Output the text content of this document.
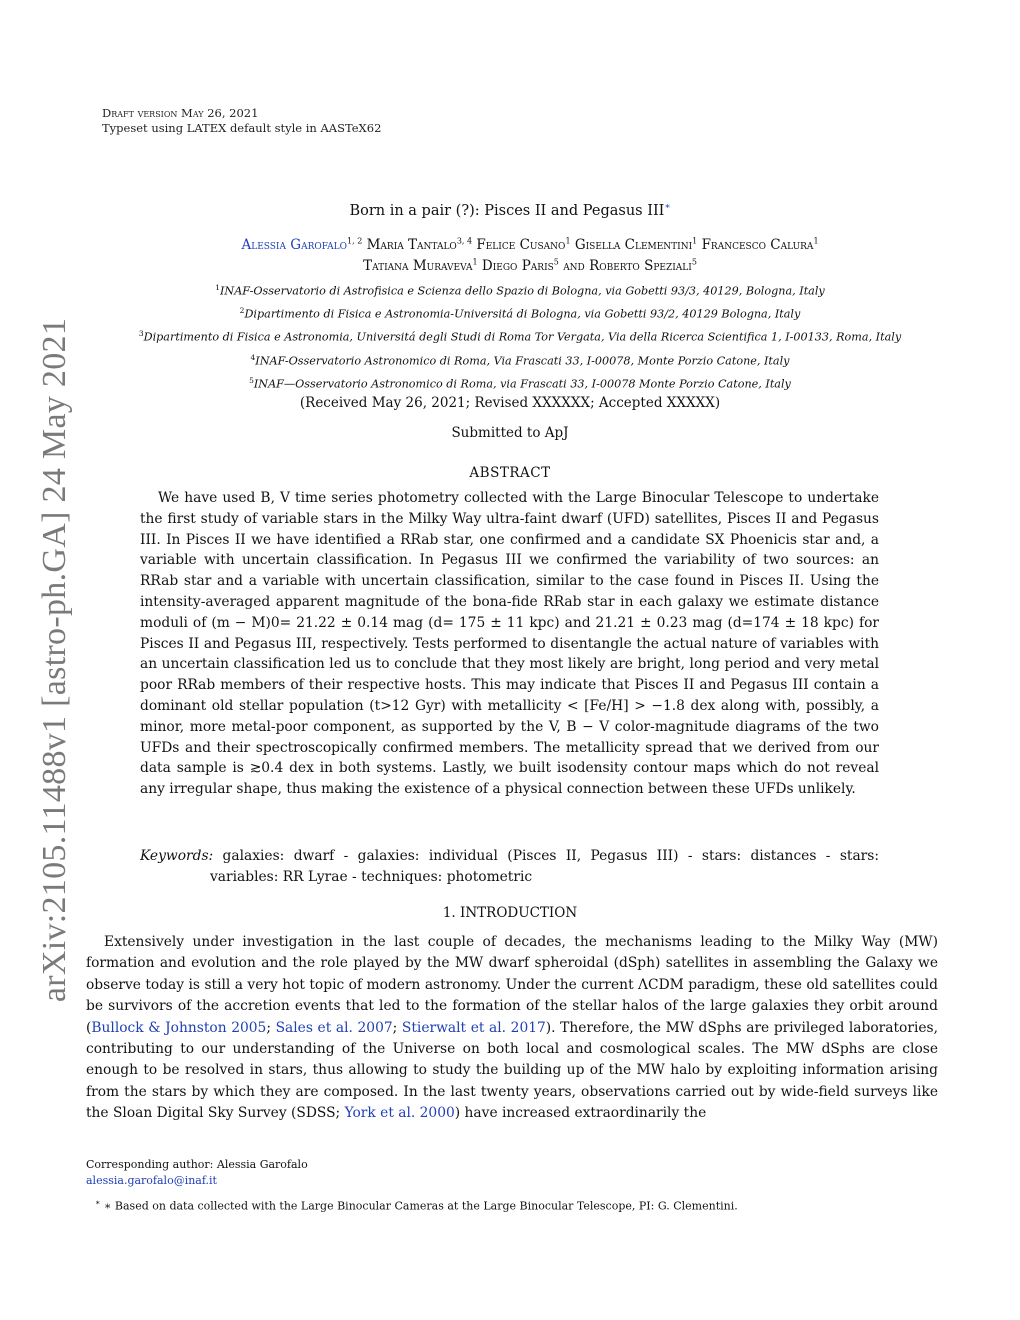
arXiv:2105.11488v1 [astro-ph.GA] 24 May 2021
Draft version May 26, 2021
Typeset using LATEX default style in AASTeX62
Born in a pair (?): Pisces II and Pegasus III∗
Alessia Garofalo$^{1, 2}$ Maria Tantalo$^{3, 4}$ Felice Cusano$^1$ Gisella Clementini$^1$ Francesco Calura$^1$
Tatiana Muraveva$^1$ Diego Paris$^5$ and Roberto Speziali$^5$
$^1$INAF-Osservatorio di Astrofisica e Scienza dello Spazio di Bologna, via Gobetti 93/3, 40129, Bologna, Italy
$^2$Dipartimento di Fisica e Astronomia-Universitá di Bologna, via Gobetti 93/2, 40129 Bologna, Italy
$^3$Dipartimento di Fisica e Astronomia, Universitá degli Studi di Roma Tor Vergata, Via della Ricerca Scientifica 1, I-00133, Roma, Italy
$^4$INAF-Osservatorio Astronomico di Roma, Via Frascati 33, I-00078, Monte Porzio Catone, Italy
$^5$INAF—Osservatorio Astronomico di Roma, via Frascati 33, I-00078 Monte Porzio Catone, Italy
(Received May 26, 2021; Revised XXXXXX; Accepted XXXXX)
Submitted to ApJ
ABSTRACT
We have used B, V time series photometry collected with the Large Binocular Telescope to undertake the first study of variable stars in the Milky Way ultra-faint dwarf (UFD) satellites, Pisces II and Pegasus III. In Pisces II we have identified a RRab star, one confirmed and a candidate SX Phoenicis star and, a variable with uncertain classification. In Pegasus III we confirmed the variability of two sources: an RRab star and a variable with uncertain classification, similar to the case found in Pisces II. Using the intensity-averaged apparent magnitude of the bona-fide RRab star in each galaxy we estimate distance moduli of (m − M)0= 21.22 ± 0.14 mag (d= 175 ± 11 kpc) and 21.21 ± 0.23 mag (d=174 ± 18 kpc) for Pisces II and Pegasus III, respectively. Tests performed to disentangle the actual nature of variables with an uncertain classification led us to conclude that they most likely are bright, long period and very metal poor RRab members of their respective hosts. This may indicate that Pisces II and Pegasus III contain a dominant old stellar population (t>12 Gyr) with metallicity < [Fe/H] > −1.8 dex along with, possibly, a minor, more metal-poor component, as supported by the V, B − V color-magnitude diagrams of the two UFDs and their spectroscopically confirmed members. The metallicity spread that we derived from our data sample is ≳0.4 dex in both systems. Lastly, we built isodensity contour maps which do not reveal any irregular shape, thus making the existence of a physical connection between these UFDs unlikely.
Keywords: galaxies: dwarf - galaxies: individual (Pisces II, Pegasus III) - stars: distances - stars: variables: RR Lyrae - techniques: photometric
1. INTRODUCTION
Extensively under investigation in the last couple of decades, the mechanisms leading to the Milky Way (MW) formation and evolution and the role played by the MW dwarf spheroidal (dSph) satellites in assembling the Galaxy we observe today is still a very hot topic of modern astronomy. Under the current ΛCDM paradigm, these old satellites could be survivors of the accretion events that led to the formation of the stellar halos of the large galaxies they orbit around (Bullock & Johnston 2005; Sales et al. 2007; Stierwalt et al. 2017). Therefore, the MW dSphs are privileged laboratories, contributing to our understanding of the Universe on both local and cosmological scales. The MW dSphs are close enough to be resolved in stars, thus allowing to study the building up of the MW halo by exploiting information arising from the stars by which they are composed. In the last twenty years, observations carried out by wide-field surveys like the Sloan Digital Sky Survey (SDSS; York et al. 2000) have increased extraordinarily the
Corresponding author: Alessia Garofalo
alessia.garofalo@inaf.it
∗ ∗ Based on data collected with the Large Binocular Cameras at the Large Binocular Telescope, PI: G. Clementini.
